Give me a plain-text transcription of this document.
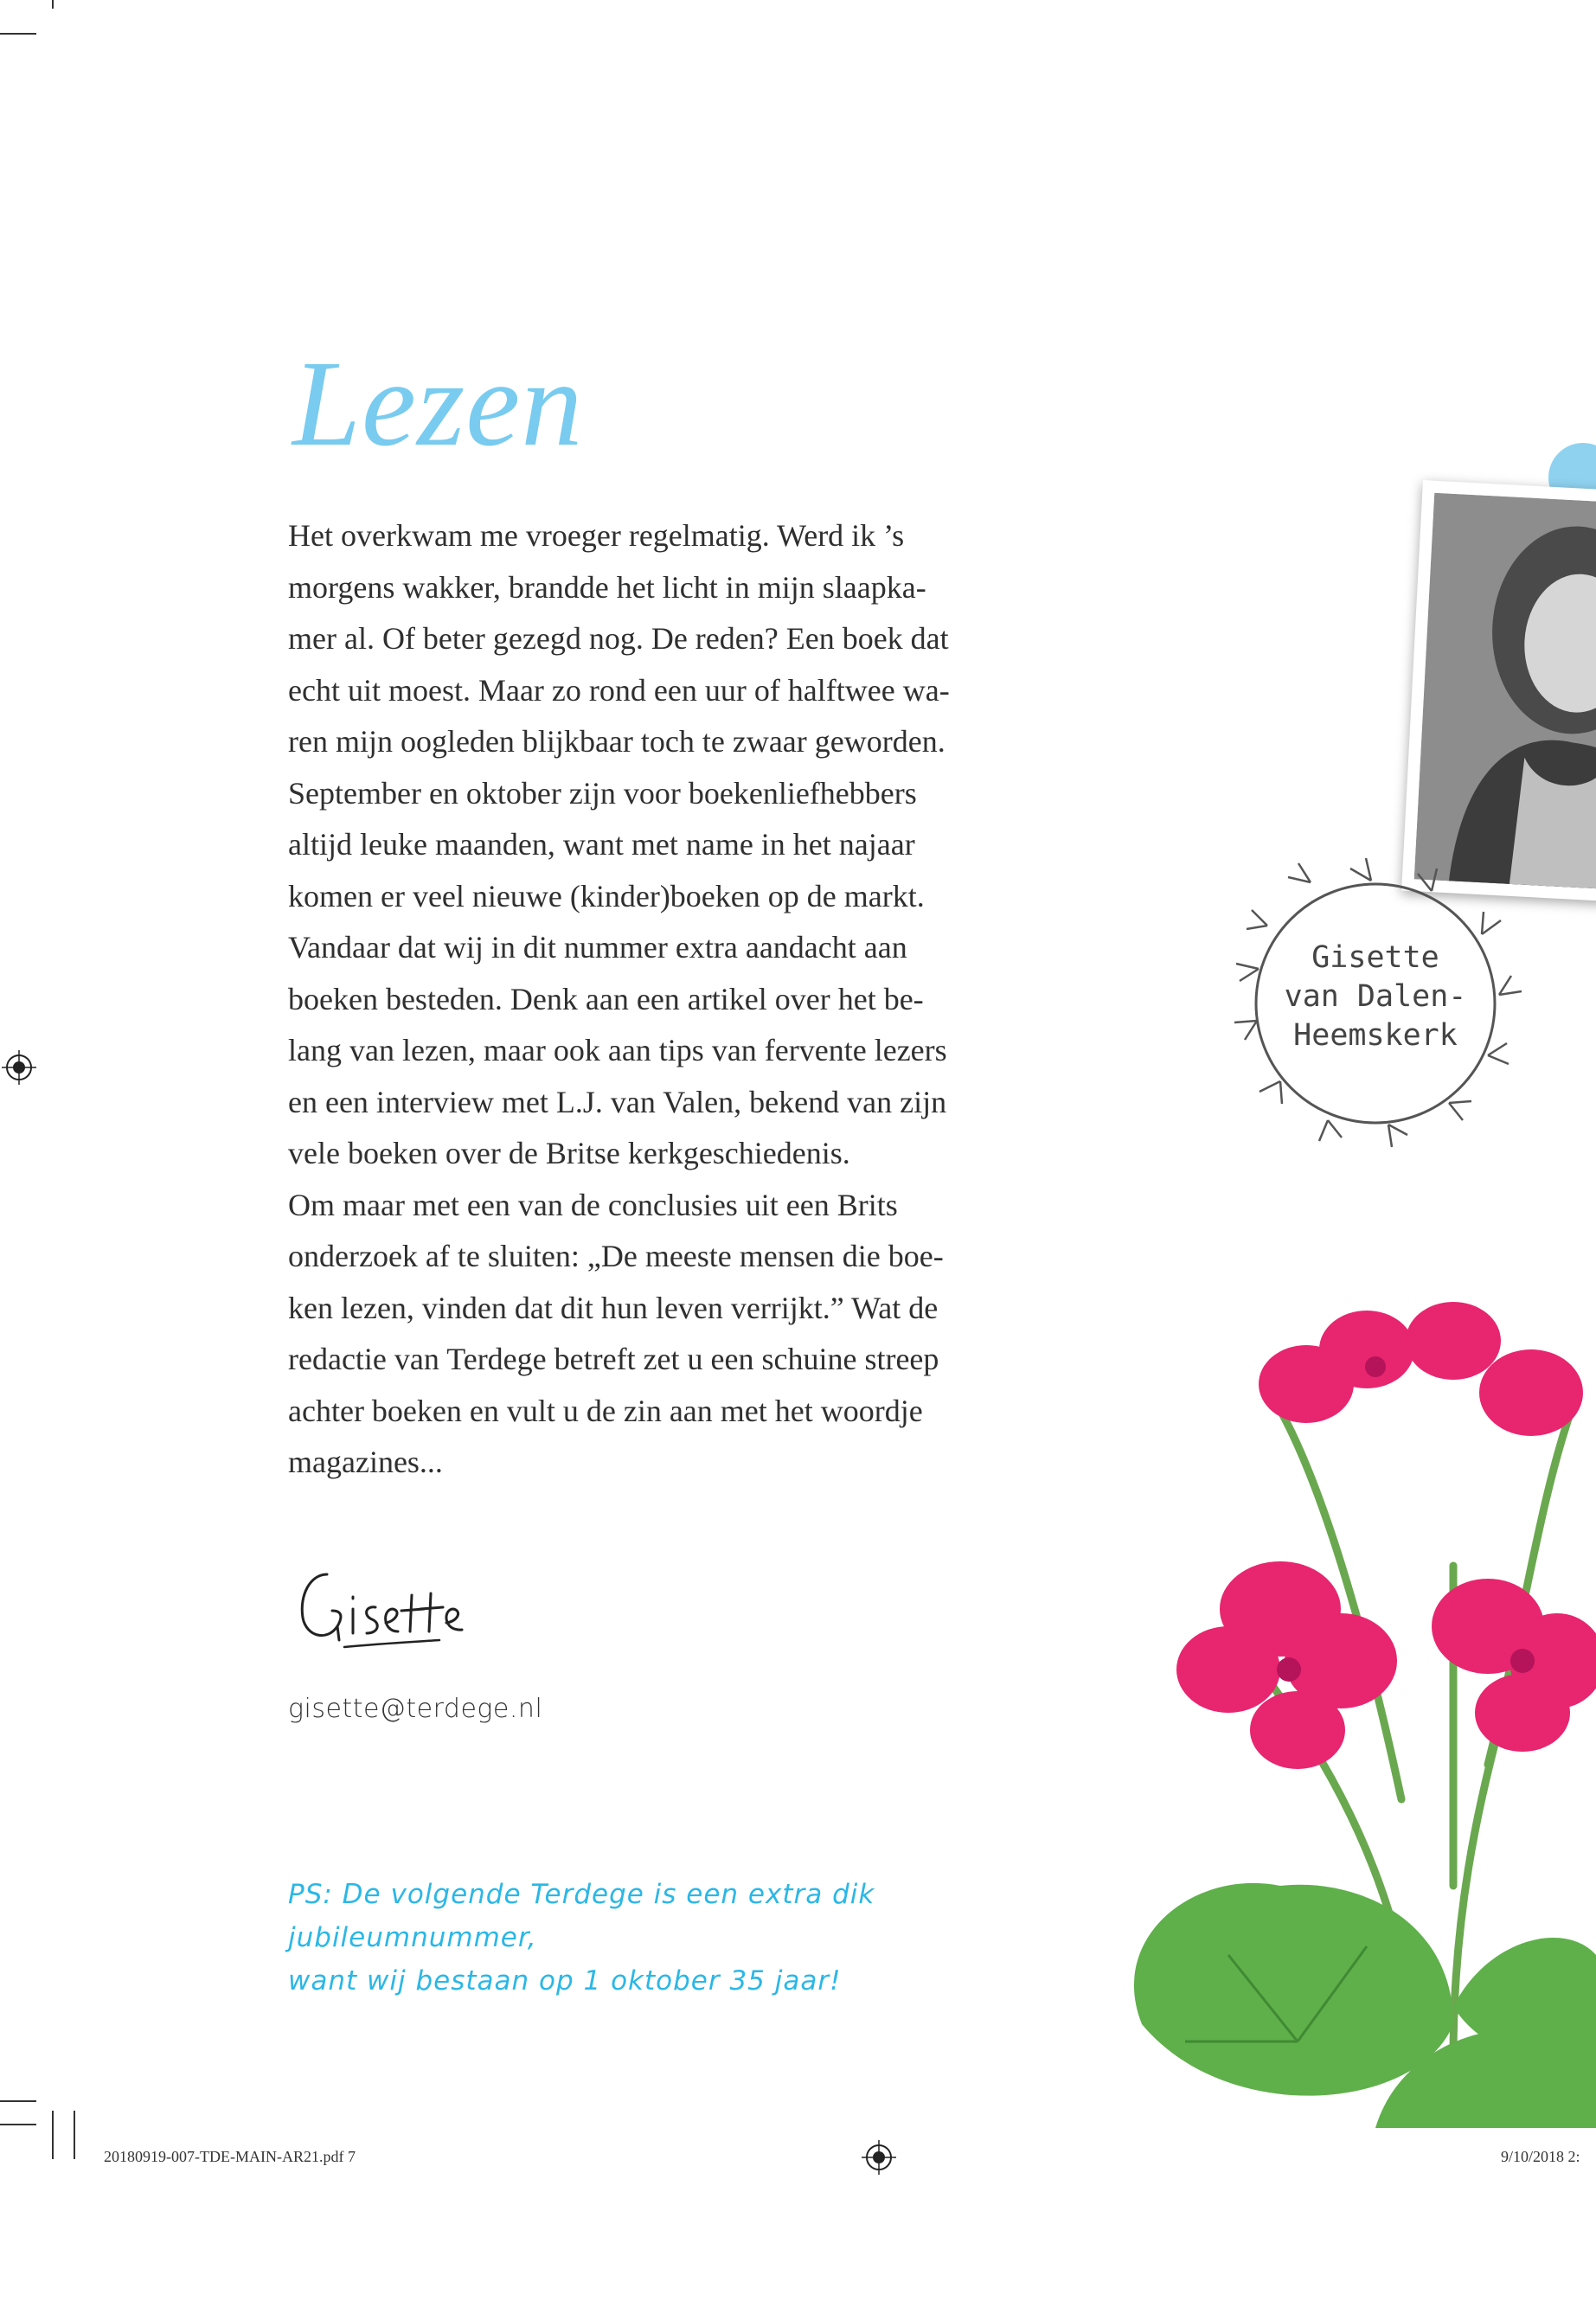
Lezen

Het overkwam me vroeger regelmatig. Werd ik ’s

morgens wakker, brandde het licht in mijn slaapka-

mer al. Of beter gezegd nog. De reden? Een boek dat

echt uit moest. Maar zo rond een uur of halftwee wa-

ren mijn oogleden blijkbaar toch te zwaar geworden.

September en oktober zijn voor boekenliefhebbers

altijd leuke maanden, want met name in het najaar

komen er veel nieuwe (kinder)boeken op de markt.

Vandaar dat wij in dit nummer extra aandacht aan

boeken besteden. Denk aan een artikel over het be-

lang van lezen, maar ook aan tips van fervente lezers

en een interview met L.J. van Valen, bekend van zijn

vele boeken over de Britse kerkgeschiedenis.

Om maar met een van de conclusies uit een Brits

onderzoek af te sluiten: „De meeste mensen die boe-

ken lezen, vinden dat dit hun leven verrijkt.” Wat de

redactie van Terdege betreft zet u een schuine streep

achter boeken en vult u de zin aan met het woordje

magazines...

gisette@terdege.nl

PS: De volgende Terdege is een extra dik jubileumnummer,

want wij bestaan op 1 oktober 35 jaar!

Gisette
van Dalen-
Heemskerk
20180919-007-TDE-MAIN-AR21.pdf 7	9/10/2018 2:
